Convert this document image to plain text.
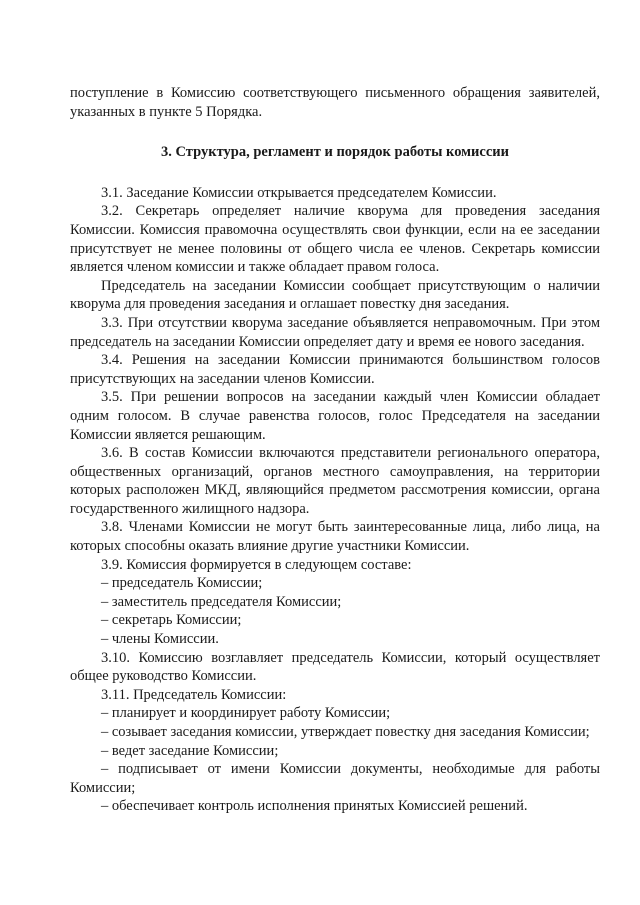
поступление в Комиссию соответствующего письменного обращения заявителей, указанных в пункте 5 Порядка.

3. Структура, регламент и порядок работы комиссии

3.1. Заседание Комиссии открывается председателем Комиссии.

3.2. Секретарь определяет наличие кворума для проведения заседания Комиссии. Комиссия правомочна осуществлять свои функции, если на ее заседании присутствует не менее половины от общего числа ее членов. Секретарь комиссии является членом комиссии и также обладает правом голоса.

Председатель на заседании Комиссии сообщает присутствующим о наличии кворума для проведения заседания и оглашает повестку дня заседания.

3.3. При отсутствии кворума заседание объявляется неправомочным. При этом председатель на заседании Комиссии определяет дату и время ее нового заседания.

3.4. Решения на заседании Комиссии принимаются большинством голосов присутствующих на заседании членов Комиссии.

3.5. При решении вопросов на заседании каждый член Комиссии обладает одним голосом. В случае равенства голосов, голос Председателя на заседании Комиссии является решающим.

3.6. В состав Комиссии включаются представители регионального оператора, общественных организаций, органов местного самоуправления, на территории которых расположен МКД, являющийся предметом рассмотрения комиссии, органа государственного жилищного надзора.

3.8. Членами Комиссии не могут быть заинтересованные лица, либо лица, на которых способны оказать влияние другие участники Комиссии.

3.9. Комиссия формируется в следующем составе:

– председатель Комиссии;

– заместитель председателя Комиссии;

– секретарь Комиссии;

– члены Комиссии.

3.10. Комиссию возглавляет председатель Комиссии, который осуществляет общее руководство Комиссии.

3.11. Председатель Комиссии:

– планирует и координирует работу Комиссии;

– созывает заседания комиссии, утверждает повестку дня заседания Комиссии;

– ведет заседание Комиссии;

– подписывает от имени Комиссии документы, необходимые для работы Комиссии;

– обеспечивает контроль исполнения принятых Комиссией решений.
